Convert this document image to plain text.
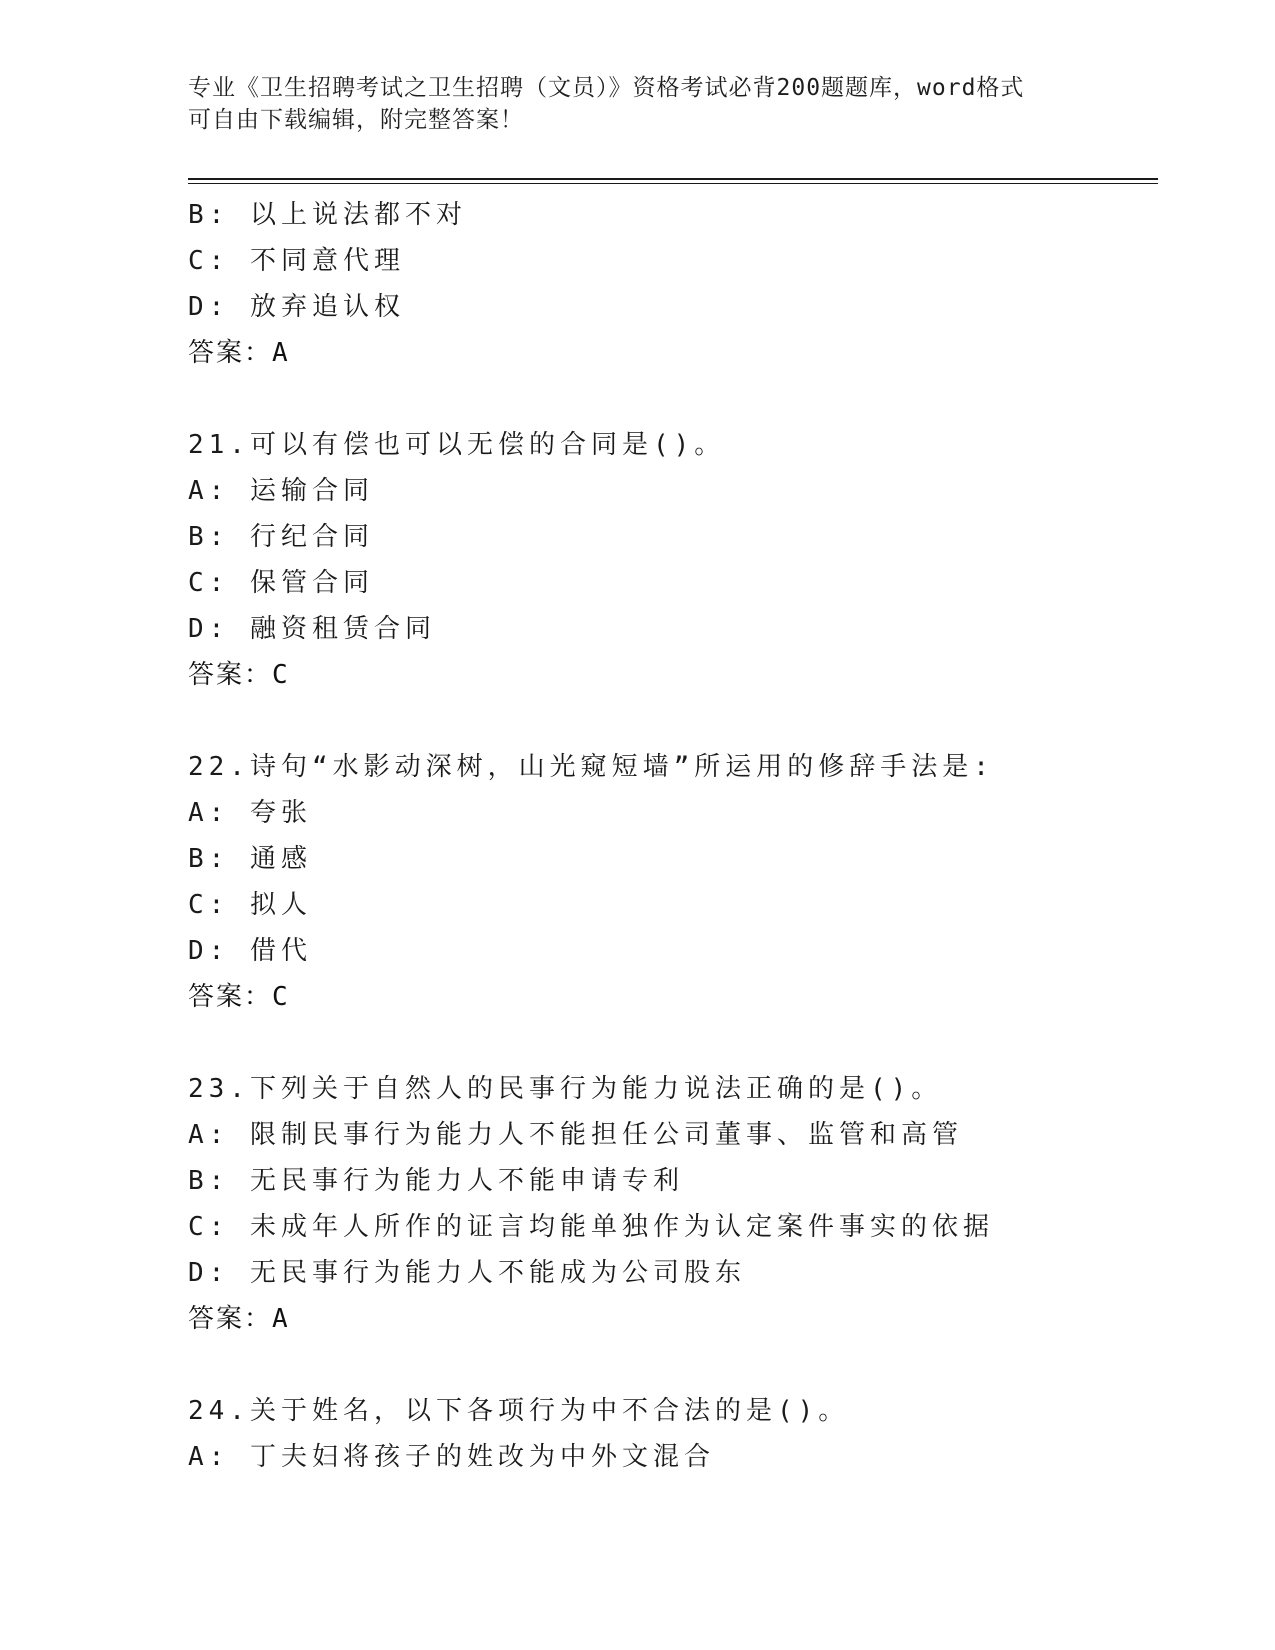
专业《卫生招聘考试之卫生招聘（文员）》资格考试必背200题题库，word格式
可自由下载编辑，附完整答案！
B: 以上说法都不对
C: 不同意代理
D: 放弃追认权
答案：A
21.可以有偿也可以无偿的合同是()。
A: 运输合同
B: 行纪合同
C: 保管合同
D: 融资租赁合同
答案：C
22.诗句“水影动深树，山光窥短墙”所运用的修辞手法是:
A: 夸张
B: 通感
C: 拟人
D: 借代
答案：C
23.下列关于自然人的民事行为能力说法正确的是()。
A: 限制民事行为能力人不能担任公司董事、监管和高管
B: 无民事行为能力人不能申请专利
C: 未成年人所作的证言均能单独作为认定案件事实的依据
D: 无民事行为能力人不能成为公司股东
答案：A
24.关于姓名，以下各项行为中不合法的是()。
A: 丁夫妇将孩子的姓改为中外文混合
